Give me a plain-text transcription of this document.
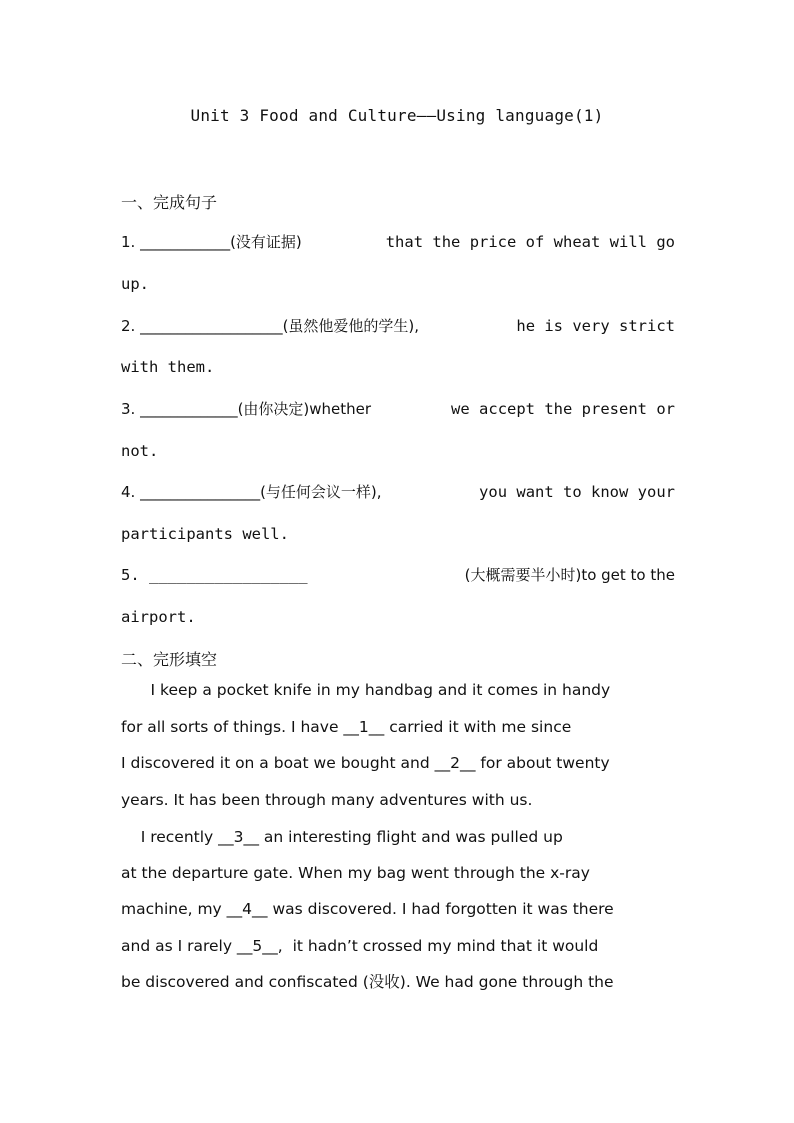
Unit 3 Food and Culture——Using language(1)
一、完成句子
1. ____________(没有证据)	that the price of wheat will go
up.
2. ___________________(虽然他爱他的学生),	he is very strict
with them.
3. _____________(由你决定)whether	we accept the present or
not.
4. ________________(与任何会议一样),	you want to know your
participants well.
5. _________________	(大概需要半小时)to get to the
airport.
二、完形填空
I keep a pocket knife in my handbag and it comes in handy
for all sorts of things. I have __1__ carried it with me since
I discovered it on a boat we bought and __2__ for about twenty
years. It has been through many adventures with us.
I recently __3__ an interesting flight and was pulled up
at the departure gate. When my bag went through the x-ray
machine, my __4__ was discovered. I had forgotten it was there
and as I rarely __5__,  it hadn’t crossed my mind that it would
be discovered and confiscated (没收). We had gone through the
